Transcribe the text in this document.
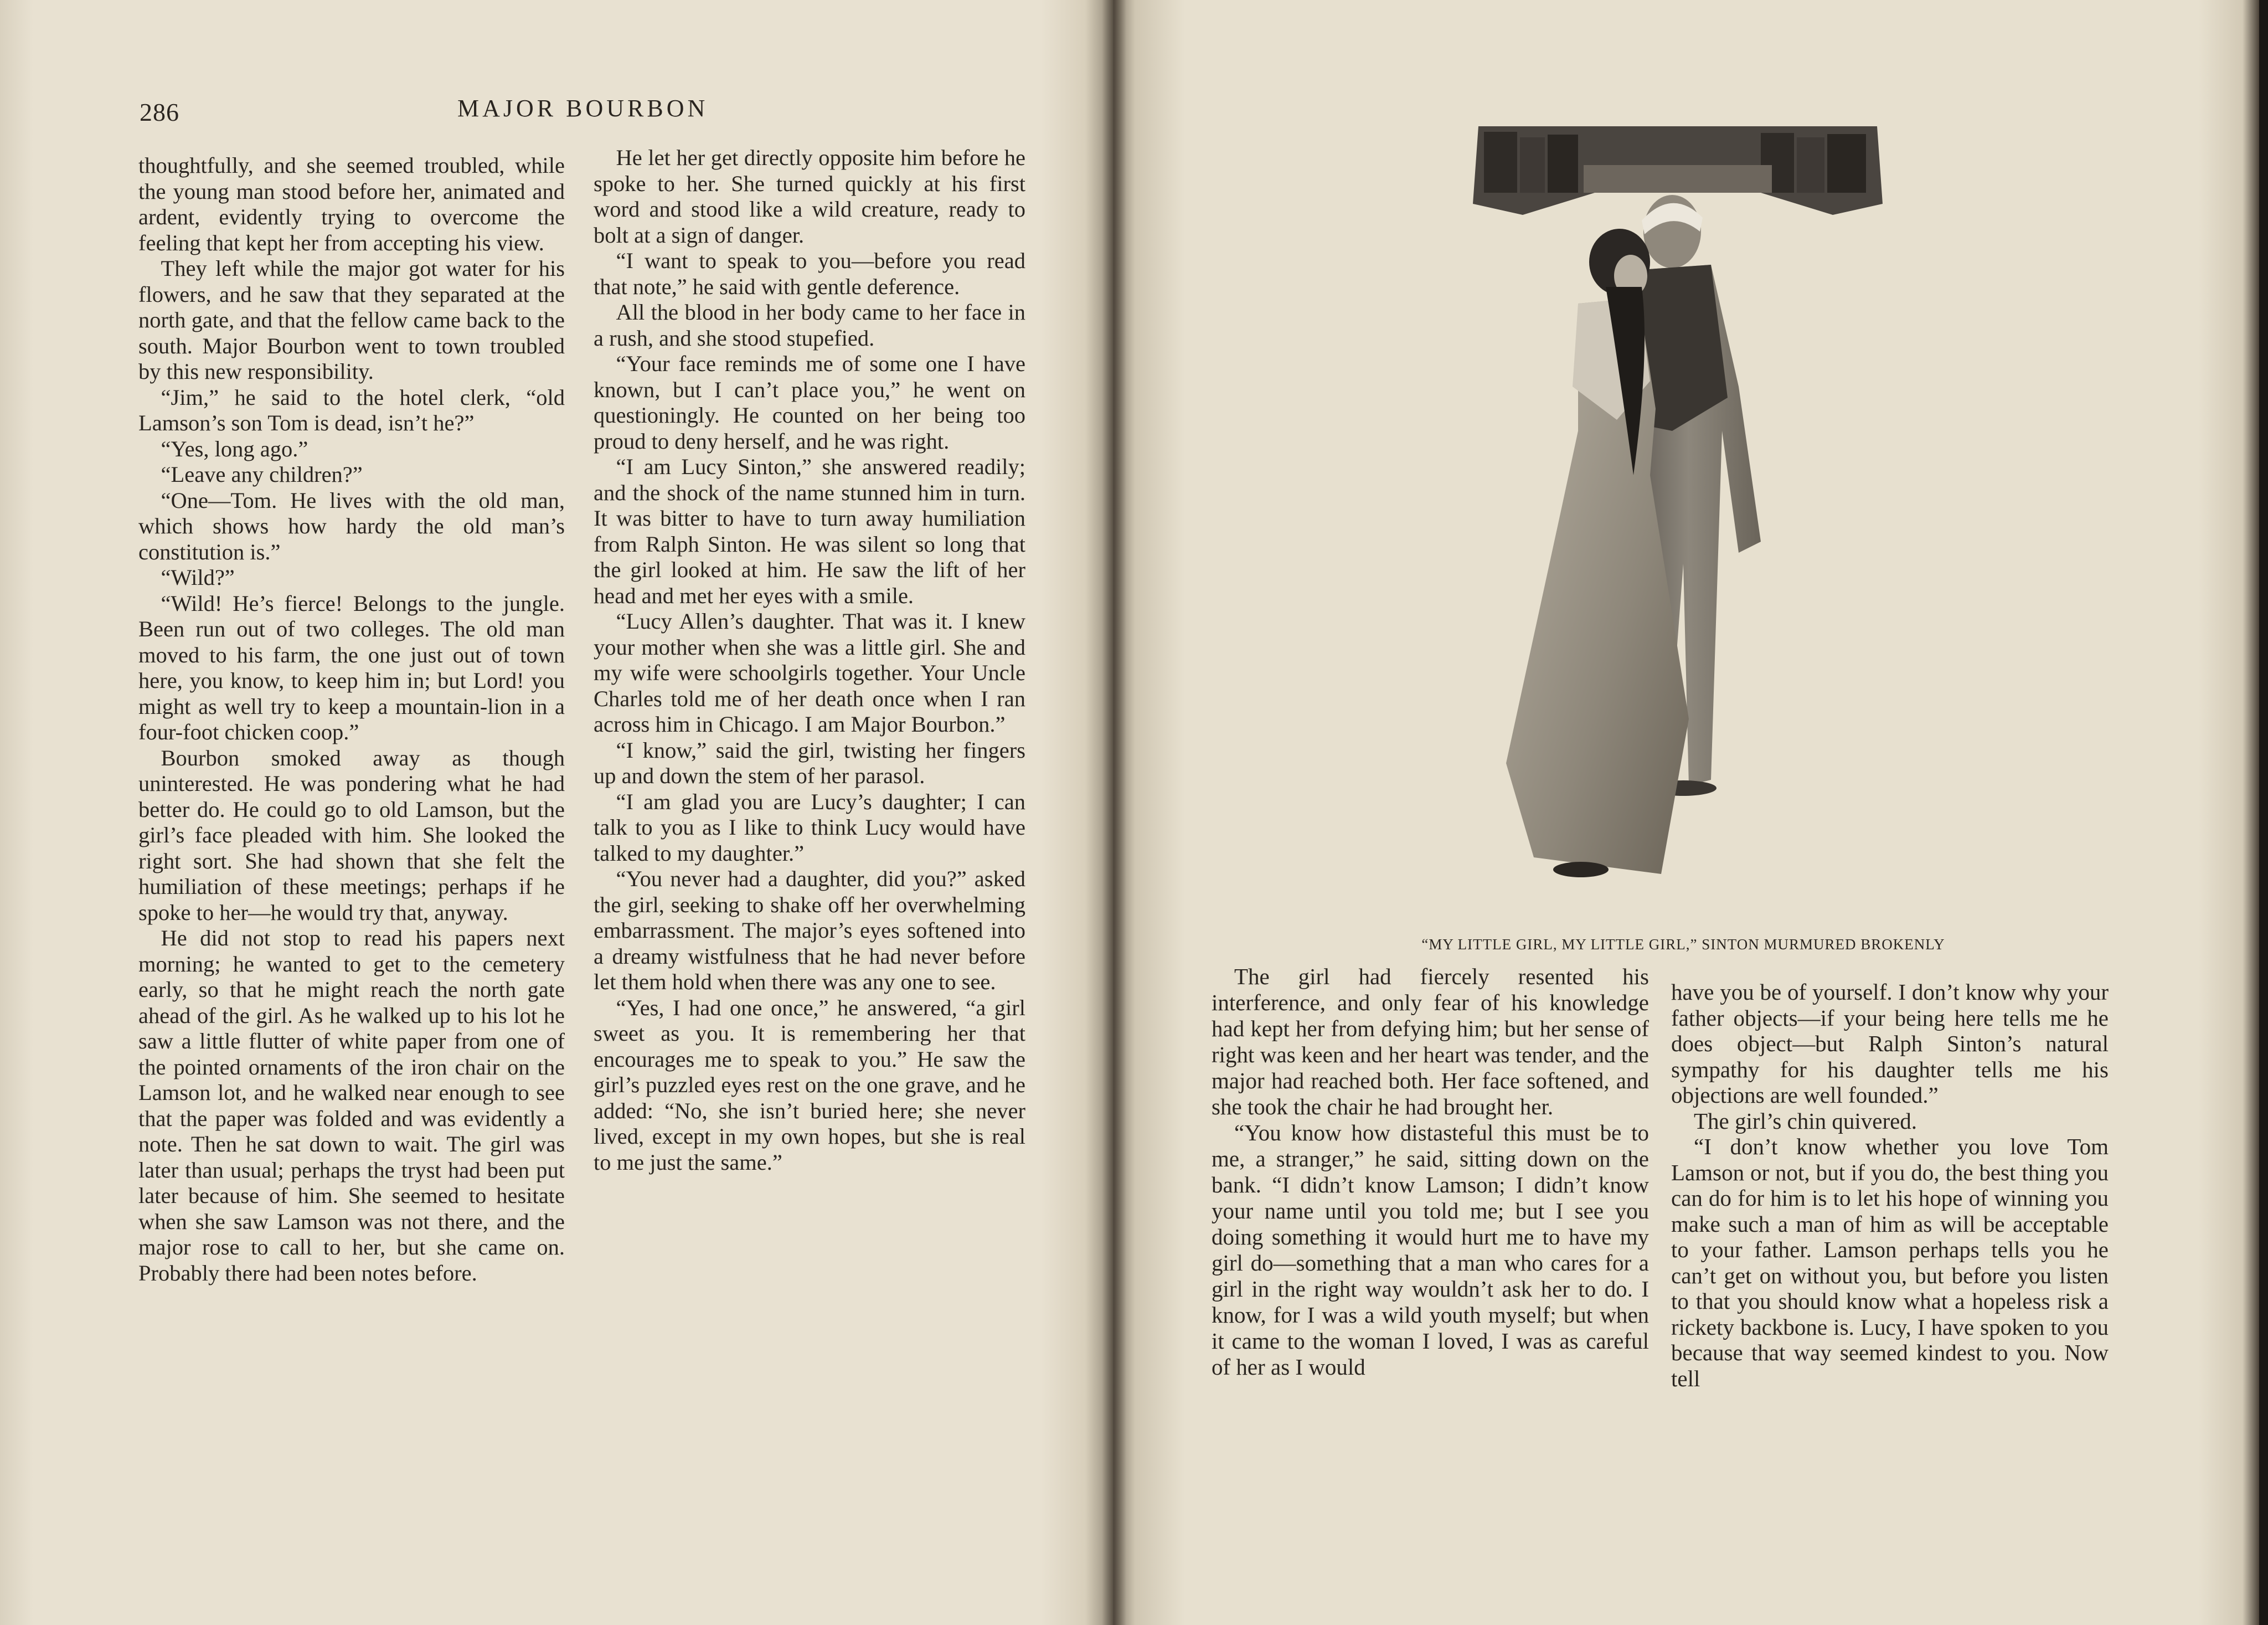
286	MAJOR BOURBON

thoughtfully, and she seemed troubled, while the young man stood before her, animated and ardent, evidently trying to overcome the feeling that kept her from accepting his view.

They left while the major got water for his flowers, and he saw that they separated at the north gate, and that the fellow came back to the south. Major Bourbon went to town troubled by this new responsibility.

“Jim,” he said to the hotel clerk, “old Lamson’s son Tom is dead, isn’t he?”

“Yes, long ago.”

“Leave any children?”

“One—Tom. He lives with the old man, which shows how hardy the old man’s constitution is.”

“Wild?”

“Wild! He’s fierce! Belongs to the jungle. Been run out of two colleges. The old man moved to his farm, the one just out of town here, you know, to keep him in; but Lord! you might as well try to keep a mountain-lion in a four-foot chicken coop.”

Bourbon smoked away as though uninterested. He was pondering what he had better do. He could go to old Lamson, but the girl’s face pleaded with him. She looked the right sort. She had shown that she felt the humiliation of these meetings; perhaps if he spoke to her—he would try that, anyway.

He did not stop to read his papers next morning; he wanted to get to the cemetery early, so that he might reach the north gate ahead of the girl. As he walked up to his lot he saw a little flutter of white paper from one of the pointed ornaments of the iron chair on the Lamson lot, and he walked near enough to see that the paper was folded and was evidently a note. Then he sat down to wait. The girl was later than usual; perhaps the tryst had been put later because of him. She seemed to hesitate when she saw Lamson was not there, and the major rose to call to her, but she came on. Probably there had been notes before.

He let her get directly opposite him before he spoke to her. She turned quickly at his first word and stood like a wild creature, ready to bolt at a sign of danger.

“I want to speak to you—before you read that note,” he said with gentle deference.

All the blood in her body came to her face in a rush, and she stood stupefied.

“Your face reminds me of some one I have known, but I can’t place you,” he went on questioningly. He counted on her being too proud to deny herself, and he was right.

“I am Lucy Sinton,” she answered readily; and the shock of the name stunned him in turn. It was bitter to have to turn away humiliation from Ralph Sinton. He was silent so long that the girl looked at him. He saw the lift of her head and met her eyes with a smile.

“Lucy Allen’s daughter. That was it. I knew your mother when she was a little girl. She and my wife were schoolgirls together. Your Uncle Charles told me of her death once when I ran across him in Chicago. I am Major Bourbon.”

“I know,” said the girl, twisting her fingers up and down the stem of her parasol.

“I am glad you are Lucy’s daughter; I can talk to you as I like to think Lucy would have talked to my daughter.”

“You never had a daughter, did you?” asked the girl, seeking to shake off her overwhelming embarrassment. The major’s eyes softened into a dreamy wistfulness that he had never before let them hold when there was any one to see.

“Yes, I had one once,” he answered, “a girl sweet as you. It is remembering her that encourages me to speak to you.” He saw the girl’s puzzled eyes rest on the one grave, and he added: “No, she isn’t buried here; she never lived, except in my own hopes, but she is real to me just the same.”

“MY LITTLE GIRL, MY LITTLE GIRL,” SINTON MURMURED BROKENLY

The girl had fiercely resented his interference, and only fear of his knowledge had kept her from defying him; but her sense of right was keen and her heart was tender, and the major had reached both. Her face softened, and she took the chair he had brought her.

“You know how distasteful this must be to me, a stranger,” he said, sitting down on the bank. “I didn’t know Lamson; I didn’t know your name until you told me; but I see you doing something it would hurt me to have my girl do—something that a man who cares for a girl in the right way wouldn’t ask her to do. I know, for I was a wild youth myself; but when it came to the woman I loved, I was as careful of her as I would

have you be of yourself. I don’t know why your father objects—if your being here tells me he does object—but Ralph Sinton’s natural sympathy for his daughter tells me his objections are well founded.”

The girl’s chin quivered.

“I don’t know whether you love Tom Lamson or not, but if you do, the best thing you can do for him is to let his hope of winning you make such a man of him as will be acceptable to your father. Lamson perhaps tells you he can’t get on without you, but before you listen to that you should know what a hopeless risk a rickety backbone is. Lucy, I have spoken to you because that way seemed kindest to you. Now tell
